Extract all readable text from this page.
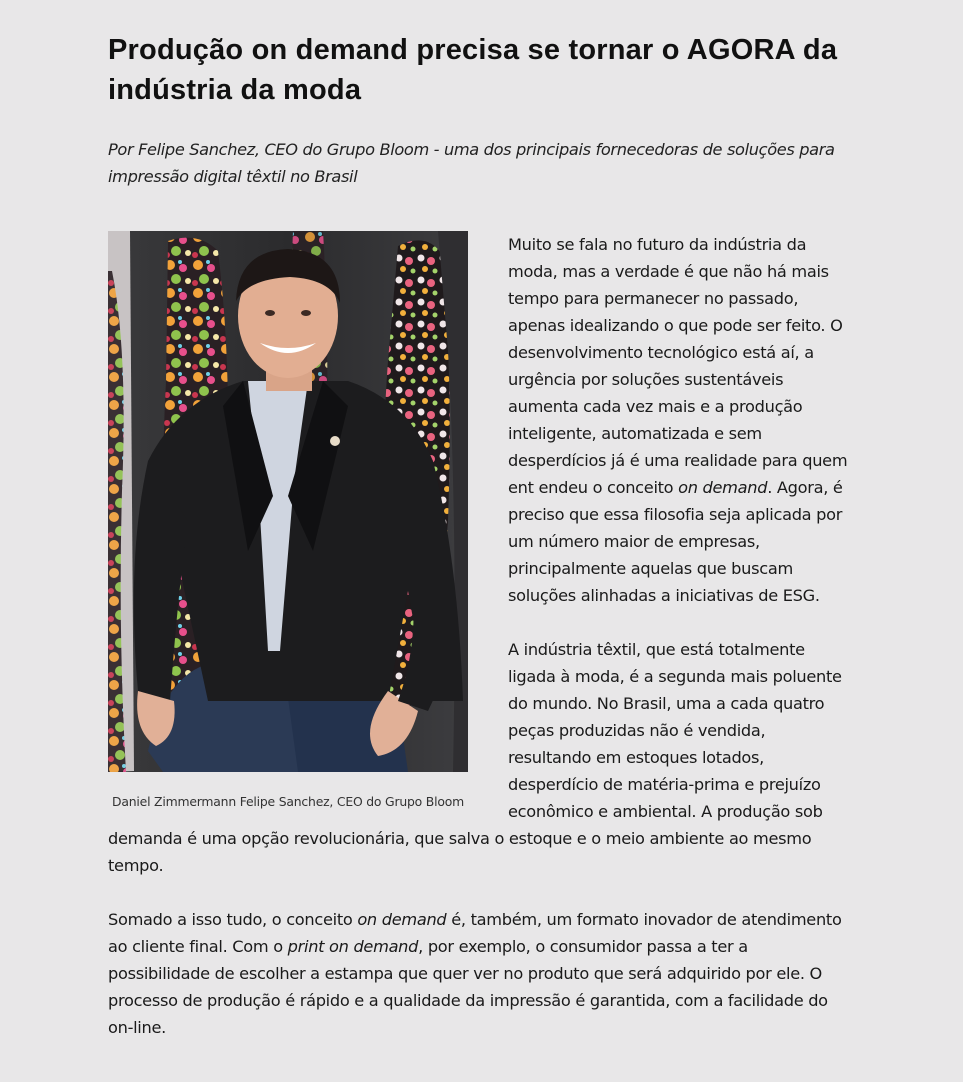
Produção on demand precisa se tornar o AGORA da indústria da moda

Por Felipe Sanchez, CEO do Grupo Bloom - uma dos principais fornecedoras de soluções para impressão digital têxtil no Brasil

Daniel Zimmermann Felipe Sanchez, CEO do Grupo Bloom

Muito se fala no futuro da indústria da moda, mas a verdade é que não há mais tempo para permanecer no passado, apenas idealizando o que pode ser feito. O desenvolvimento tecnológico está aí, a urgência por soluções sustentáveis aumenta cada vez mais e a produção inteligente, automatizada e sem desperdícios já é uma realidade para quem ent endeu o conceito on demand. Agora, é preciso que essa filosofia seja aplicada por um número maior de empresas, principalmente aquelas que buscam soluções alinhadas a iniciativas de ESG.

A indústria têxtil, que está totalmente ligada à moda, é a segunda mais poluente do mundo. No Brasil, uma a cada quatro peças produzidas não é vendida, resultando em estoques lotados, desperdício de matéria-prima e prejuízo econômico e ambiental. A produção sob demanda é uma opção revolucionária, que salva o estoque e o meio ambiente ao mesmo tempo.

Somado a isso tudo, o conceito on demand é, também, um formato inovador de atendimento ao cliente final. Com o print on demand, por exemplo, o consumidor passa a ter a possibilidade de escolher a estampa que quer ver no produto que será adquirido por ele. O processo de produção é rápido e a qualidade da impressão é garantida, com a facilidade do on-line.
